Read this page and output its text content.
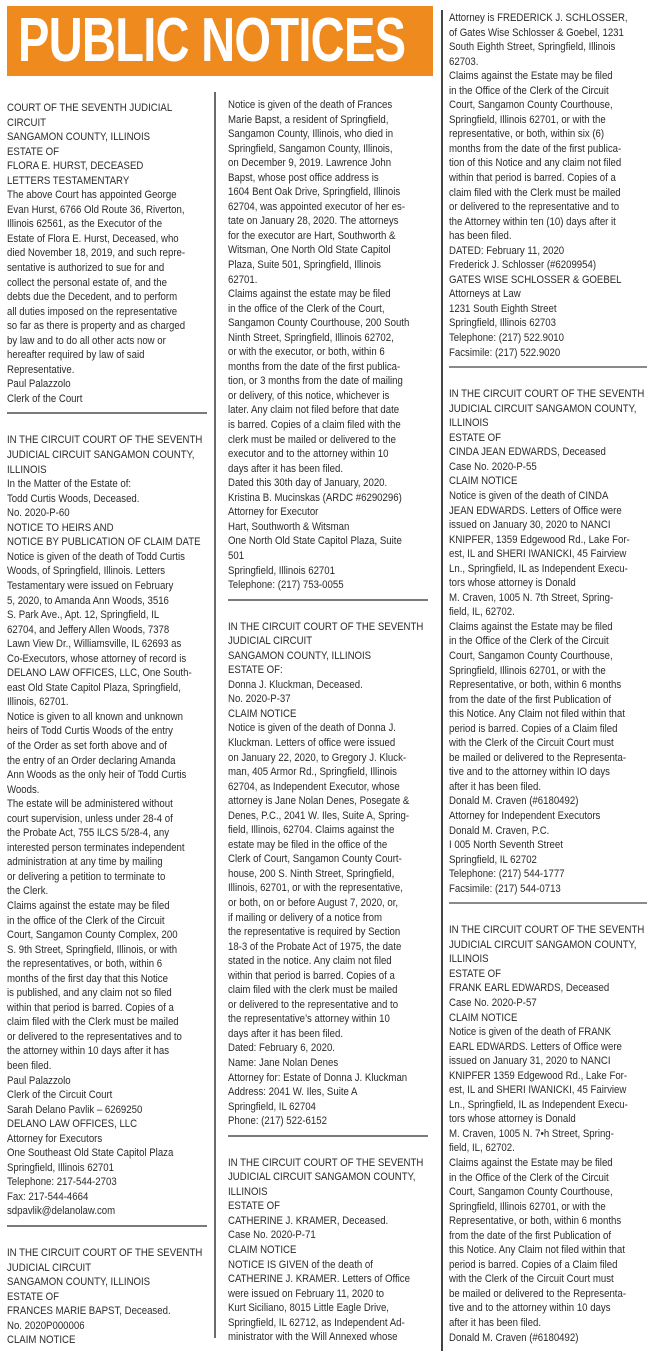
PUBLIC NOTICES
COURT OF THE SEVENTH JUDICIAL
CIRCUIT
SANGAMON COUNTY, ILLINOIS
ESTATE OF
FLORA E. HURST, DECEASED
LETTERS TESTAMENTARY
The above Court has appointed George
Evan Hurst, 6766 Old Route 36, Riverton,
Illinois 62561, as the Executor of the
Estate of Flora E. Hurst, Deceased, who
died November 18, 2019, and such repre-
sentative is authorized to sue for and
collect the personal estate of, and the
debts due the Decedent, and to perform
all duties imposed on the representative
so far as there is property and as charged
by law and to do all other acts now or
hereafter required by law of said
Representative.
Paul Palazzolo
Clerk of the Court
IN THE CIRCUIT COURT OF THE SEVENTH
JUDICIAL CIRCUIT SANGAMON COUNTY,
ILLINOIS
In the Matter of the Estate of:
Todd Curtis Woods, Deceased.
No. 2020-P-60
NOTICE TO HEIRS AND
NOTICE BY PUBLICATION OF CLAIM DATE
Notice is given of the death of Todd Curtis
Woods, of Springfield, Illinois. Letters
Testamentary were issued on February
5, 2020, to Amanda Ann Woods, 3516
S. Park Ave., Apt. 12, Springfield, IL
62704, and Jeffery Allen Woods, 7378
Lawn View Dr., Williamsville, IL 62693 as
Co-Executors, whose attorney of record is
DELANO LAW OFFICES, LLC, One South-
east Old State Capitol Plaza, Springfield,
Illinois, 62701.
Notice is given to all known and unknown
heirs of Todd Curtis Woods of the entry
of the Order as set forth above and of
the entry of an Order declaring Amanda
Ann Woods as the only heir of Todd Curtis
Woods.
The estate will be administered without
court supervision, unless under 28-4 of
the Probate Act, 755 ILCS 5/28-4, any
interested person terminates independent
administration at any time by mailing
or delivering a petition to terminate to
the Clerk.
Claims against the estate may be filed
in the office of the Clerk of the Circuit
Court, Sangamon County Complex, 200
S. 9th Street, Springfield, Illinois, or with
the representatives, or both, within 6
months of the first day that this Notice
is published, and any claim not so filed
within that period is barred. Copies of a
claim filed with the Clerk must be mailed
or delivered to the representatives and to
the attorney within 10 days after it has
been filed.
Paul Palazzolo
Clerk of the Circuit Court
Sarah Delano Pavlik – 6269250
DELANO LAW OFFICES, LLC
Attorney for Executors
One Southeast Old State Capitol Plaza
Springfield, Illinois 62701
Telephone: 217-544-2703
Fax: 217-544-4664
sdpavlik@delanolaw.com
IN THE CIRCUIT COURT OF THE SEVENTH
JUDICIAL CIRCUIT
SANGAMON COUNTY, ILLINOIS
ESTATE OF
FRANCES MARIE BAPST, Deceased.
No. 2020P000006
CLAIM NOTICE
Notice is given of the death of Frances
Marie Bapst, a resident of Springfield,
Sangamon County, Illinois, who died in
Springfield, Sangamon County, Illinois,
on December 9, 2019. Lawrence John
Bapst, whose post office address is
1604 Bent Oak Drive, Springfield, Illinois
62704, was appointed executor of her es-
tate on January 28, 2020. The attorneys
for the executor are Hart, Southworth &
Witsman, One North Old State Capitol
Plaza, Suite 501, Springfield, Illinois
62701.
Claims against the estate may be filed
in the office of the Clerk of the Court,
Sangamon County Courthouse, 200 South
Ninth Street, Springfield, Illinois 62702,
or with the executor, or both, within 6
months from the date of the first publica-
tion, or 3 months from the date of mailing
or delivery, of this notice, whichever is
later. Any claim not filed before that date
is barred. Copies of a claim filed with the
clerk must be mailed or delivered to the
executor and to the attorney within 10
days after it has been filed.
Dated this 30th day of January, 2020.
Kristina B. Mucinskas (ARDC #6290296)
Attorney for Executor
Hart, Southworth & Witsman
One North Old State Capitol Plaza, Suite
501
Springfield, Illinois 62701
Telephone: (217) 753-0055
IN THE CIRCUIT COURT OF THE SEVENTH
JUDICIAL CIRCUIT
SANGAMON COUNTY, ILLINOIS
ESTATE OF:
Donna J. Kluckman, Deceased.
No. 2020-P-37
CLAIM NOTICE
Notice is given of the death of Donna J.
Kluckman. Letters of office were issued
on January 22, 2020, to Gregory J. Kluck-
man, 405 Armor Rd., Springfield, Illinois
62704, as Independent Executor, whose
attorney is Jane Nolan Denes, Posegate &
Denes, P.C., 2041 W. Iles, Suite A, Spring-
field, Illinois, 62704. Claims against the
estate may be filed in the office of the
Clerk of Court, Sangamon County Court-
house, 200 S. Ninth Street, Springfield,
Illinois, 62701, or with the representative,
or both, on or before August 7, 2020, or,
if mailing or delivery of a notice from
the representative is required by Section
18-3 of the Probate Act of 1975, the date
stated in the notice. Any claim not filed
within that period is barred. Copies of a
claim filed with the clerk must be mailed
or delivered to the representative and to
the representative’s attorney within 10
days after it has been filed.
Dated: February 6, 2020.
Name: Jane Nolan Denes
Attorney for: Estate of Donna J. Kluckman
Address: 2041 W. Iles, Suite A
Springfield, IL 62704
Phone: (217) 522-6152
IN THE CIRCUIT COURT OF THE SEVENTH
JUDICIAL CIRCUIT SANGAMON COUNTY,
ILLINOIS
ESTATE OF
CATHERINE J. KRAMER, Deceased.
Case No. 2020-P-71
CLAIM NOTICE
NOTICE IS GIVEN of the death of
CATHERINE J. KRAMER. Letters of Office
were issued on February 11, 2020 to
Kurt Siciliano, 8015 Little Eagle Drive,
Springfield, IL 62712, as Independent Ad-
ministrator with the Will Annexed whose
Attorney is FREDERICK J. SCHLOSSER,
of Gates Wise Schlosser & Goebel, 1231
South Eighth Street, Springfield, Illinois
62703.
Claims against the Estate may be filed
in the Office of the Clerk of the Circuit
Court, Sangamon County Courthouse,
Springfield, Illinois 62701, or with the
representative, or both, within six (6)
months from the date of the first publica-
tion of this Notice and any claim not filed
within that period is barred. Copies of a
claim filed with the Clerk must be mailed
or delivered to the representative and to
the Attorney within ten (10) days after it
has been filed.
DATED: February 11, 2020
Frederick J. Schlosser (#6209954)
GATES WISE SCHLOSSER & GOEBEL
Attorneys at Law
1231 South Eighth Street
Springfield, Illinois 62703
Telephone: (217) 522.9010
Facsimile: (217) 522.9020
IN THE CIRCUIT COURT OF THE SEVENTH
JUDICIAL CIRCUIT SANGAMON COUNTY,
ILLINOIS
ESTATE OF
CINDA JEAN EDWARDS, Deceased
Case No. 2020-P-55
CLAIM NOTICE
Notice is given of the death of CINDA
JEAN EDWARDS. Letters of Office were
issued on January 30, 2020 to NANCI
KNIPFER, 1359 Edgewood Rd., Lake For-
est, IL and SHERI IWANICKI, 45 Fairview
Ln., Springfield, IL as Independent Execu-
tors whose attorney is Donald
M. Craven, 1005 N. 7th Street, Spring-
field, IL, 62702.
Claims against the Estate may be filed
in the Office of the Clerk of the Circuit
Court, Sangamon County Courthouse,
Springfield, Illinois 62701, or with the
Representative, or both, within 6 months
from the date of the first Publication of
this Notice. Any Claim not filed within that
period is barred. Copies of a Claim filed
with the Clerk of the Circuit Court must
be mailed or delivered to the Representa-
tive and to the attorney within IO days
after it has been filed.
Donald M. Craven (#6180492)
Attorney for Independent Executors
Donald M. Craven, P.C.
I 005 North Seventh Street
Springfield, IL 62702
Telephone: (217) 544-1777
Facsimile: (217) 544-0713
IN THE CIRCUIT COURT OF THE SEVENTH
JUDICIAL CIRCUIT SANGAMON COUNTY,
ILLINOIS
ESTATE OF
FRANK EARL EDWARDS, Deceased
Case No. 2020-P-57
CLAIM NOTICE
Notice is given of the death of FRANK
EARL EDWARDS. Letters of Office were
issued on January 31, 2020 to NANCI
KNIPFER 1359 Edgewood Rd., Lake For-
est, IL and SHERI IWANICKI, 45 Fairview
Ln., Springfield, IL as Independent Execu-
tors whose attorney is Donald
M. Craven, 1005 N. 7•h Street, Spring-
field, IL, 62702.
Claims against the Estate may be filed
in the Office of the Clerk of the Circuit
Court, Sangamon County Courthouse,
Springfield, Illinois 62701, or with the
Representative, or both, within 6 months
from the date of the first Publication of
this Notice. Any Claim not filed within that
period is barred. Copies of a Claim filed
with the Clerk of the Circuit Court must
be mailed or delivered to the Representa-
tive and to the attorney within 10 days
after it has been filed.
Donald M. Craven (#6180492)
